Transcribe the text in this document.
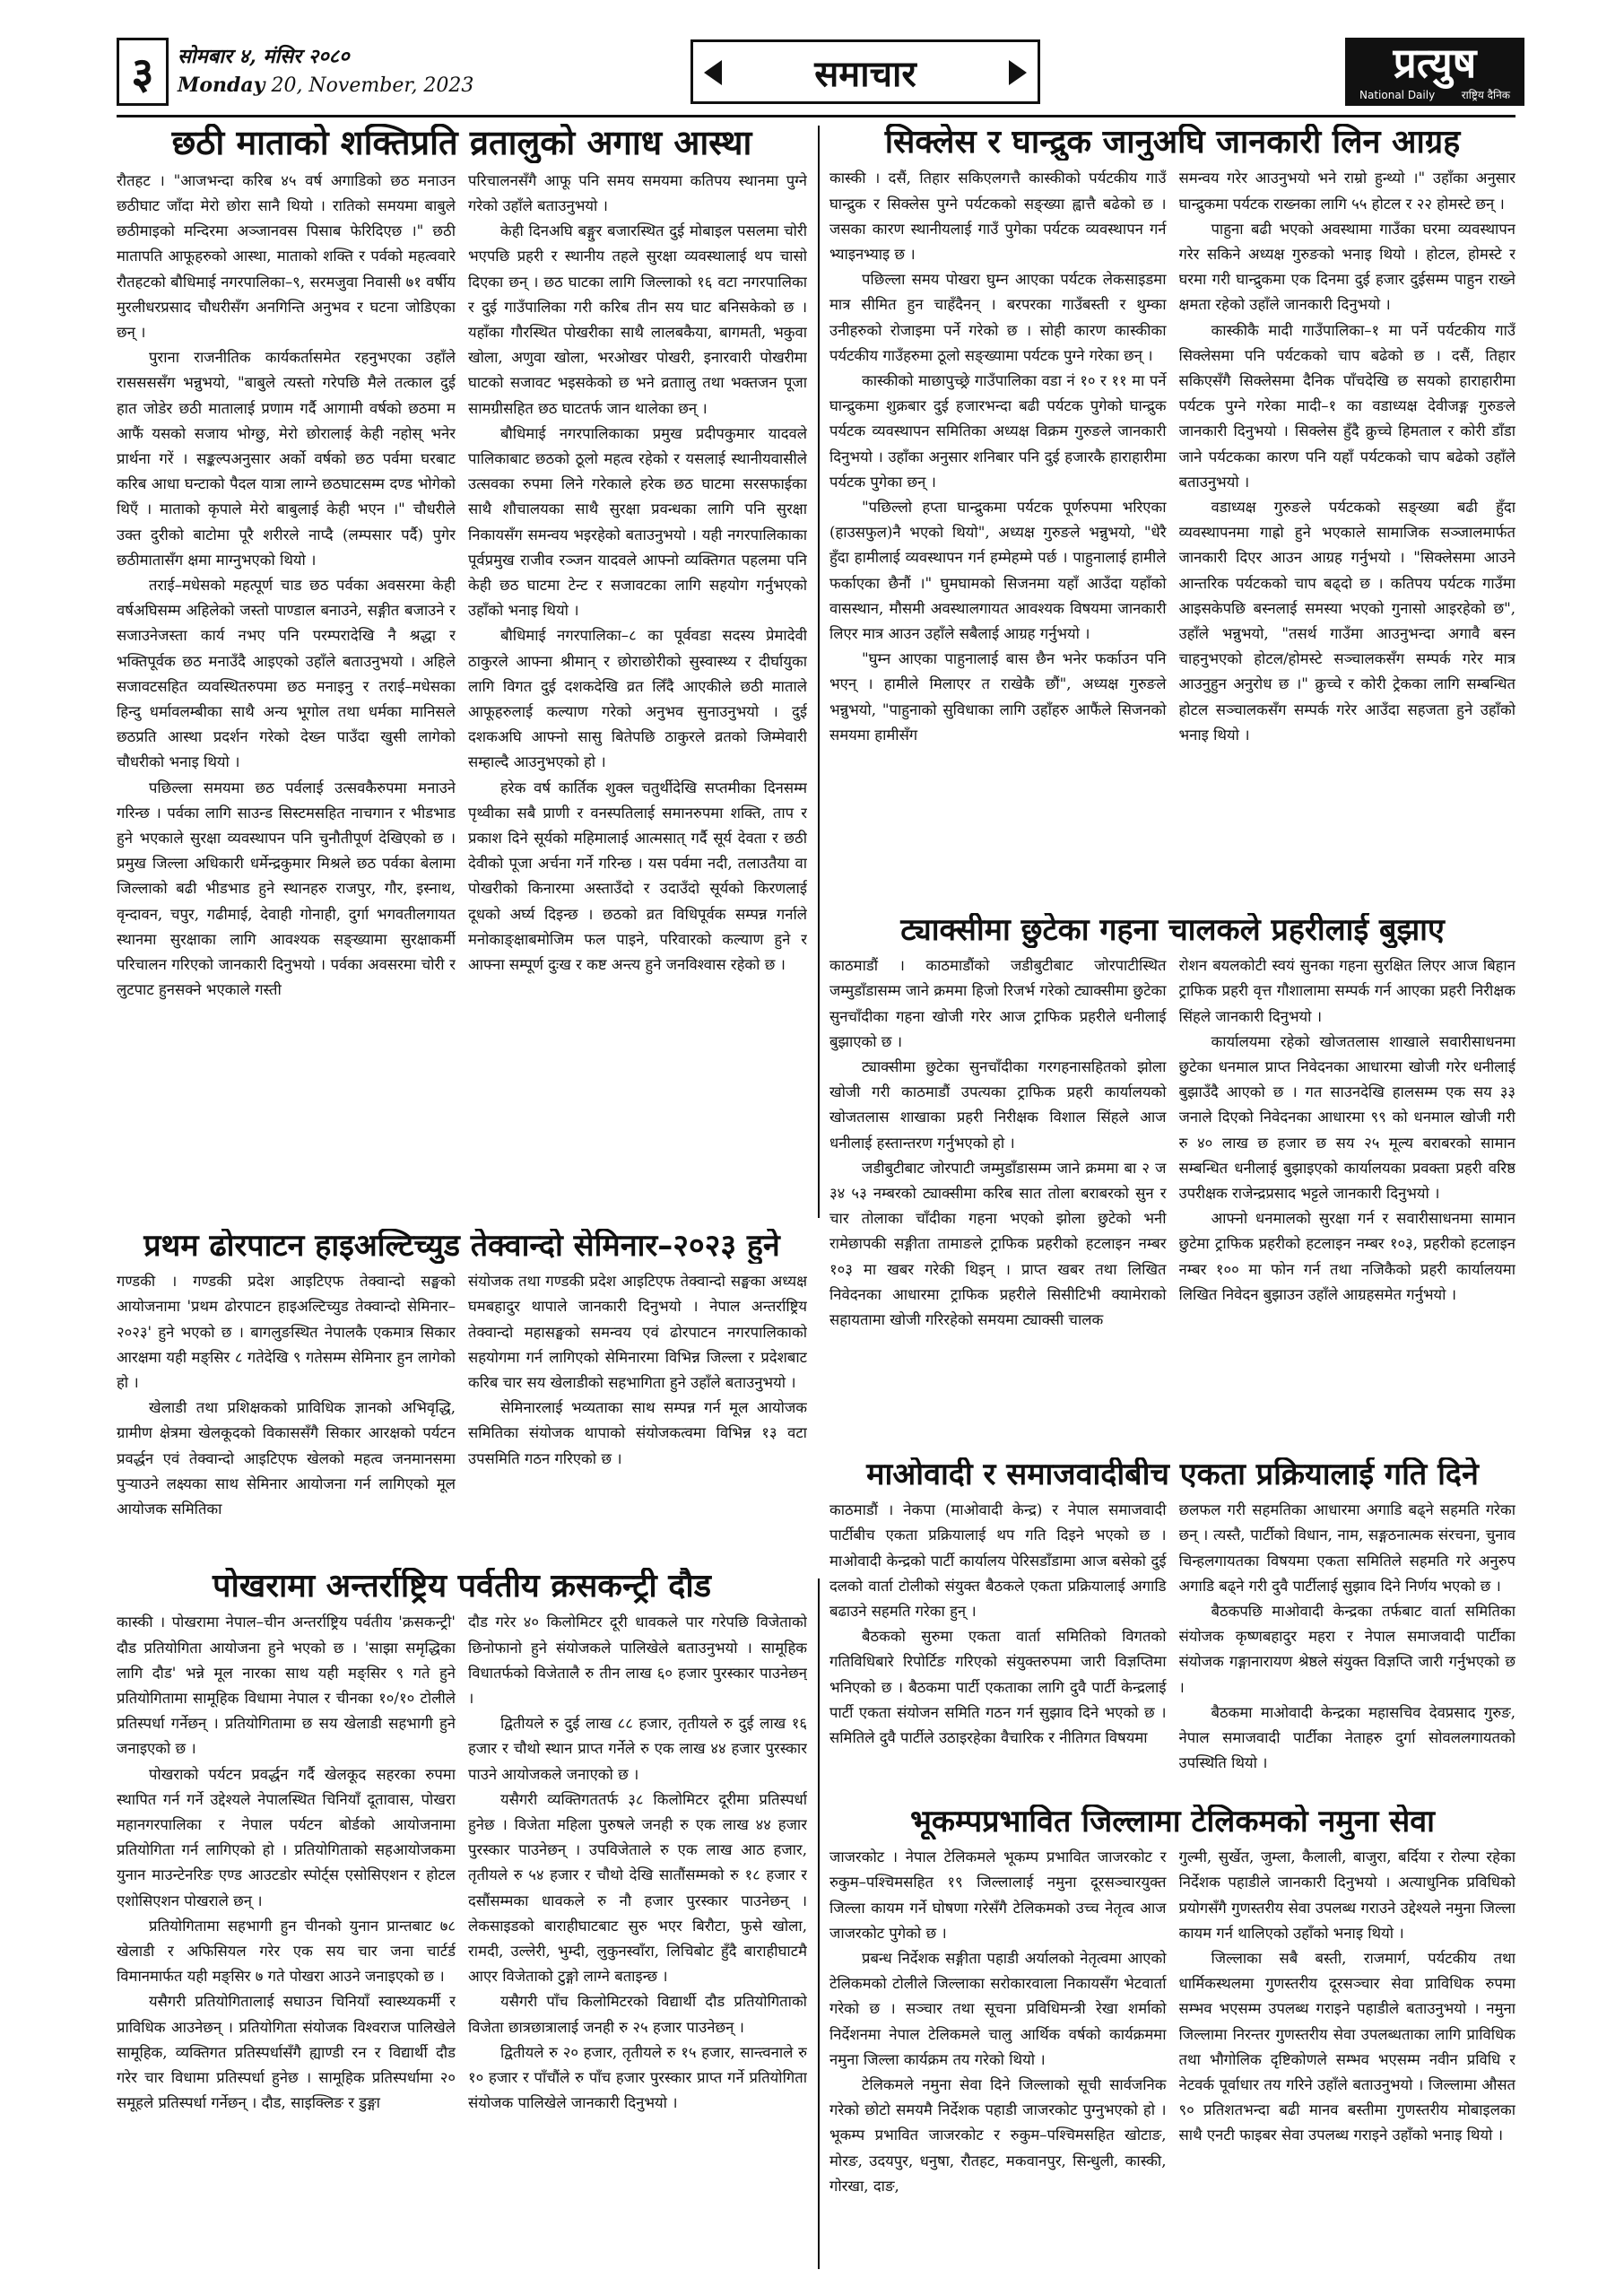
३	सोमबार ४, मंसिर २०८०
Monday 20, November, 2023	समाचार	प्रत्युष
National Daily राष्ट्रिय दैनिक
छठी माताको शक्तिप्रति व्रतालुको अगाध आस्था

रौतहट । "आजभन्दा करिब ४५ वर्ष अगाडिको छठ मनाउन छठीघाट जाँदा मेरो छोरा सानै थियो । रातिको समयमा बाबुले छठीमाइको मन्दिरमा अञ्जानवस पिसाब फेरिदिएछ ।" छठी मातापति आफूहरुको आस्था, माताको शक्ति र पर्वको महत्ववारे रौतहटको बौधिमाई नगरपालिका–९, सरमजुवा निवासी ७१ वर्षीय मुरलीधरप्रसाद चौधरीसँग अनगिन्ति अनुभव र घटना जोडिएका छन् ।

पुराना राजनीतिक कार्यकर्तासमेत रहनुभएका उहाँले राससससँग भन्नुभयो, "बाबुले त्यस्तो गरेपछि मैले तत्काल दुई हात जोडेर छठी मातालाई प्रणाम गर्दै आगामी वर्षको छठमा म आफैं यसको सजाय भोग्छु, मेरो छोरालाई केही नहोस् भनेर प्रार्थना गरें । सङ्कल्पअनुसार अर्को वर्षको छठ पर्वमा घरबाट करिब आधा घन्टाको पैदल यात्रा लाग्ने छठघाटसम्म दण्ड भोगेको थिएँ । माताको कृपाले मेरो बाबुलाई केही भएन ।" चौधरीले उक्त दुरीको बाटोमा पूरै शरीरले नाप्दै (लम्पसार पर्दै) पुगेर छठीमातासँग क्षमा माग्नुभएको थियो ।

तराई–मधेसको महत्पूर्ण चाड छठ पर्वका अवसरमा केही वर्षअघिसम्म अहिलेको जस्तो पाण्डाल बनाउने, सङ्गीत बजाउने र सजाउनेजस्ता कार्य नभए पनि परम्परादेखि नै श्रद्धा र भक्तिपूर्वक छठ मनाउँदै आइएको उहाँले बताउनुभयो । अहिले सजावटसहित व्यवस्थितरुपमा छठ मनाइनु र तराई–मधेसका हिन्दु धर्मावलम्बीका साथै अन्य भूगोल तथा धर्मका मानिसले छठप्रति आस्था प्रदर्शन गरेको देख्न पाउँदा खुसी लागेको चौधरीको भनाइ थियो ।

पछिल्ला समयमा छठ पर्वलाई उत्सवकैरुपमा मनाउने गरिन्छ । पर्वका लागि साउन्ड सिस्टमसहित नाचगान र भीडभाड हुने भएकाले सुरक्षा व्यवस्थापन पनि चुनौतीपूर्ण देखिएको छ । प्रमुख जिल्ला अधिकारी धर्मेन्द्रकुमार मिश्रले छठ पर्वका बेलामा जिल्लाको बढी भीडभाड हुने स्थानहरु राजपुर, गौर, इस्नाथ, वृन्दावन, चपुर, गढीमाई, देवाही गोनाही, दुर्गा भगवतीलगायत स्थानमा सुरक्षाका लागि आवश्यक सङ्ख्यामा सुरक्षाकर्मी परिचालन गरिएको जानकारी दिनुभयो । पर्वका अवसरमा चोरी र लुटपाट हुनसक्ने भएकाले गस्ती

परिचालनसँगै आफू पनि समय समयमा कतिपय स्थानमा पुग्ने गरेको उहाँले बताउनुभयो ।

केही दिनअघि बङ्गुर बजारस्थित दुई मोबाइल पसलमा चोरी भएपछि प्रहरी र स्थानीय तहले सुरक्षा व्यवस्थालाई थप चासो दिएका छन् । छठ घाटका लागि जिल्लाको १६ वटा नगरपालिका र दुई गाउँपालिका गरी करिब तीन सय घाट बनिसकेको छ । यहाँका गौरस्थित पोखरीका साथै लालबकैया, बागमती, भकुवा खोला, अणुवा खोला, भरओखर पोखरी, इनारवारी पोखरीमा घाटको सजावट भइसकेको छ भने व्रताालु तथा भक्तजन पूजा सामग्रीसहित छठ घाटतर्फ जान थालेका छन् ।

बौधिमाई नगरपालिकाका प्रमुख प्रदीपकुमार यादवले पालिकाबाट छठको ठूलो महत्व रहेको र यसलाई स्थानीयवासीले उत्सवका रुपमा लिने गरेकाले हरेक छठ घाटमा सरसफाईका साथै शौचालयका साथै सुरक्षा प्रवन्धका लागि पनि सुरक्षा निकायसँग समन्वय भइरहेको बताउनुभयो । यही नगरपालिकाका पूर्वप्रमुख राजीव रञ्जन यादवले आफ्नो व्यक्तिगत पहलमा पनि केही छठ घाटमा टेन्ट र सजावटका लागि सहयोग गर्नुभएको उहाँको भनाइ थियो ।

बौधिमाई नगरपालिका–८ का पूर्ववडा सदस्य प्रेमादेवी ठाकुरले आफ्ना श्रीमान् र छोराछोरीको सुस्वास्थ्य र दीर्घायुका लागि विगत दुई दशकदेखि व्रत लिँदै आएकीले छठी माताले आफूहरुलाई कल्याण गरेको अनुभव सुनाउनुभयो । दुई दशकअघि आफ्नो सासु बितेपछि ठाकुरले व्रतको जिम्मेवारी सम्हाल्दै आउनुभएको हो ।

हरेक वर्ष कार्तिक शुक्ल चतुर्थीदेखि सप्तमीका दिनसम्म पृथ्वीका सबै प्राणी र वनस्पतिलाई समानरुपमा शक्ति, ताप र प्रकाश दिने सूर्यको महिमालाई आत्मसात् गर्दै सूर्य देवता र छठी देवीको पूजा अर्चना गर्ने गरिन्छ । यस पर्वमा नदी, तलाउतैया वा पोखरीको किनारमा अस्ताउँदो र उदाउँदो सूर्यको किरणलाई दूधको अर्घ्य दिइन्छ । छठको व्रत विधिपूर्वक सम्पन्न गर्नाले मनोकाङ्क्षाबमोजिम फल पाइने, परिवारको कल्याण हुने र आफ्ना सम्पूर्ण दुःख र कष्ट अन्त्य हुने जनविश्वास रहेको छ ।

सिक्लेस र घान्द्रुक जानुअघि जानकारी लिन आग्रह

कास्की । दसैं, तिहार सकिएलगत्तै कास्कीको पर्यटकीय गाउँ घान्द्रुक र सिक्लेस पुग्ने पर्यटकको सङ्ख्या ह्वात्तै बढेको छ । जसका कारण स्थानीयलाई गाउँ पुगेका पर्यटक व्यवस्थापन गर्न भ्याइनभ्याइ छ ।

पछिल्ला समय पोखरा घुम्न आएका पर्यटक लेकसाइडमा मात्र सीमित हुन चाहँदैनन् । बरपरका गाउँबस्ती र थुम्का उनीहरुको रोजाइमा पर्ने गरेको छ । सोही कारण कास्कीका पर्यटकीय गाउँहरुमा ठूलो सङ्ख्यामा पर्यटक पुग्ने गरेका छन् ।

कास्कीको माछापुच्छ्रे गाउँपालिका वडा नं १० र ११ मा पर्ने घान्द्रुकमा शुक्रबार दुई हजारभन्दा बढी पर्यटक पुगेको घान्द्रुक पर्यटक व्यवस्थापन समितिका अध्यक्ष विक्रम गुरुङले जानकारी दिनुभयो । उहाँका अनुसार शनिबार पनि दुई हजारकै हाराहारीमा पर्यटक पुगेका छन् ।

"पछिल्लो हप्ता घान्द्रुकमा पर्यटक पूर्णरुपमा भरिएका (हाउसफुल)नै भएको थियो", अध्यक्ष गुरुङले भन्नुभयो, "धेरै हुँदा हामीलाई व्यवस्थापन गर्न हम्मेहम्मे पर्छ । पाहुनालाई हामीले फर्काएका छैनौं ।" घुमघामको सिजनमा यहाँ आउँदा यहाँको वासस्थान, मौसमी अवस्थालगायत आवश्यक विषयमा जानकारी लिएर मात्र आउन उहाँले सबैलाई आग्रह गर्नुभयो ।

"घुम्न आएका पाहुनालाई बास छैन भनेर फर्काउन पनि भएन् । हामीले मिलाएर त राखेकै छौं", अध्यक्ष गुरुङले भन्नुभयो, "पाहुनाको सुविधाका लागि उहाँहरु आफैंले सिजनको समयमा हामीसँग

समन्वय गरेर आउनुभयो भने राम्रो हुन्थ्यो ।" उहाँका अनुसार घान्द्रुकमा पर्यटक राख्नका लागि ५५ होटल र २२ होमस्टे छन् ।

पाहुना बढी भएको अवस्थामा गाउँका घरमा व्यवस्थापन गरेर सकिने अध्यक्ष गुरुङको भनाइ थियो । होटल, होमस्टे र घरमा गरी घान्द्रुकमा एक दिनमा दुई हजार दुईसम्म पाहुन राख्ने क्षमता रहेको उहाँले जानकारी दिनुभयो ।

कास्कीकै मादी गाउँपालिका–१ मा पर्ने पर्यटकीय गाउँ सिक्लेसमा पनि पर्यटकको चाप बढेको छ । दसैं, तिहार सकिएसँगै सिक्लेसमा दैनिक पाँचदेखि छ सयको हाराहारीमा पर्यटक पुग्ने गरेका मादी–१ का वडाध्यक्ष देवीजङ्ग गुरुङले जानकारी दिनुभयो । सिक्लेस हुँदै क्रुच्चे हिमताल र कोरी डाँडा जाने पर्यटकका कारण पनि यहाँ पर्यटकको चाप बढेको उहाँले बताउनुभयो ।

वडाध्यक्ष गुरुङले पर्यटकको सङ्ख्या बढी हुँदा व्यवस्थापनमा गाह्रो हुने भएकाले सामाजिक सञ्जालमार्फत जानकारी दिएर आउन आग्रह गर्नुभयो । "सिक्लेसमा आउने आन्तरिक पर्यटकको चाप बढ्दो छ । कतिपय पर्यटक गाउँमा आइसकेपछि बस्नलाई समस्या भएको गुनासो आइरहेको छ", उहाँले भन्नुभयो, "तसर्थ गाउँमा आउनुभन्दा अगावै बस्न चाहनुभएको होटल/होमस्टे सञ्चालकसँग सम्पर्क गरेर मात्र आउनुहुन अनुरोध छ ।" क्रुच्चे र कोरी ट्रेकका लागि सम्बन्धित होटल सञ्चालकसँग सम्पर्क गरेर आउँदा सहजता हुने उहाँको भनाइ थियो ।

ट्याक्सीमा छुटेका गहना चालकले प्रहरीलाई बुझाए

काठमाडौं । काठमाडौंको जडीबुटीबाट जोरपाटीस्थित जम्मुडाँडासम्म जाने क्रममा हिजो रिजर्भ गरेको ट्याक्सीमा छुटेका सुनचाँदीका गहना खोजी गरेर आज ट्राफिक प्रहरीले धनीलाई बुझाएको छ ।

ट्याक्सीमा छुटेका सुनचाँदीका गरगहनासहितको झोला खोजी गरी काठमाडौं उपत्यका ट्राफिक प्रहरी कार्यालयको खोजतलास शाखाका प्रहरी निरीक्षक विशाल सिंहले आज धनीलाई हस्तान्तरण गर्नुभएको हो ।

जडीबुटीबाट जोरपाटी जम्मुडाँडासम्म जाने क्रममा बा २ ज ३४ ५३ नम्बरको ट्याक्सीमा करिब सात तोला बराबरको सुन र चार तोलाका चाँदीका गहना भएको झोला छुटेको भनी रामेछापकी सङ्गीता तामाङले ट्राफिक प्रहरीको हटलाइन नम्बर १०३ मा खबर गरेकी थिइन् । प्राप्त खबर तथा लिखित निवेदनका आधारमा ट्राफिक प्रहरीले सिसीटिभी क्यामेराको सहायतामा खोजी गरिरहेको समयमा ट्याक्सी चालक

रोशन बयलकोटी स्वयं सुनका गहना सुरक्षित लिएर आज बिहान ट्राफिक प्रहरी वृत्त गौशालामा सम्पर्क गर्न आएका प्रहरी निरीक्षक सिंहले जानकारी दिनुभयो ।

कार्यालयमा रहेको खोजतलास शाखाले सवारीसाधनमा छुटेका धनमाल प्राप्त निवेदनका आधारमा खोजी गरेर धनीलाई बुझाउँदै आएको छ । गत साउनदेखि हालसम्म एक सय ३३ जनाले दिएको निवेदनका आधारमा ९९ को धनमाल खोजी गरी रु ४० लाख छ हजार छ सय २५ मूल्य बराबरको सामान सम्बन्धित धनीलाई बुझाइएको कार्यालयका प्रवक्ता प्रहरी वरिष्ठ उपरीक्षक राजेन्द्रप्रसाद भट्टले जानकारी दिनुभयो ।

आफ्नो धनमालको सुरक्षा गर्न र सवारीसाधनमा सामान छुटेमा ट्राफिक प्रहरीको हटलाइन नम्बर १०३, प्रहरीको हटलाइन नम्बर १०० मा फोन गर्न तथा नजिकैको प्रहरी कार्यालयमा लिखित निवेदन बुझाउन उहाँले आग्रहसमेत गर्नुभयो ।

प्रथम ढोरपाटन हाइअल्टिच्युड तेक्वान्दो सेमिनार–२०२३ हुने

गण्डकी । गण्डकी प्रदेश आइटिएफ तेक्वान्दो सङ्घको आयोजनामा 'प्रथम ढोरपाटन हाइअल्टिच्युड तेक्वान्दो सेमिनार–२०२३' हुने भएको छ । बागलुङस्थित नेपालकै एकमात्र सिकार आरक्षमा यही मङ्सिर ८ गतेदेखि ९ गतेसम्म सेमिनार हुन लागेको हो ।

खेलाडी तथा प्रशिक्षकको प्राविधिक ज्ञानको अभिवृद्धि, ग्रामीण क्षेत्रमा खेलकूदको विकाससँगै सिकार आरक्षको पर्यटन प्रवर्द्धन एवं तेक्वान्दो आइटिएफ खेलको महत्व जनमानसमा पुऱ्याउने लक्ष्यका साथ सेमिनार आयोजना गर्न लागिएको मूल आयोजक समितिका

संयोजक तथा गण्डकी प्रदेश आइटिएफ तेक्वान्दो सङ्घका अध्यक्ष घमबहादुर थापाले जानकारी दिनुभयो । नेपाल अन्तर्राष्ट्रिय तेक्वान्दो महासङ्घको समन्वय एवं ढोरपाटन नगरपालिकाको सहयोगमा गर्न लागिएको सेमिनारमा विभिन्न जिल्ला र प्रदेशबाट करिब चार सय खेलाडीको सहभागिता हुने उहाँले बताउनुभयो ।

सेमिनारलाई भव्यताका साथ सम्पन्न गर्न मूल आयोजक समितिका संयोजक थापाको संयोजकत्वमा विभिन्न १३ वटा उपसमिति गठन गरिएको छ ।	माओवादी र समाजवादीबीच एकता प्रक्रियालाई गति दिने

काठमाडौं । नेकपा (माओवादी केन्द्र) र नेपाल समाजवादी पार्टीबीच एकता प्रक्रियालाई थप गति दिइने भएको छ । माओवादी केन्द्रको पार्टी कार्यालय पेरिसडाँडामा आज बसेको दुई दलको वार्ता टोलीको संयुक्त बैठकले एकता प्रक्रियालाई अगाडि बढाउने सहमति गरेका हुन् ।

बैठकको सुरुमा एकता वार्ता समितिको विगतको गतिविधिबारे रिपोर्टिङ गरिएको संयुक्तरुपमा जारी विज्ञप्तिमा भनिएको छ । बैठकमा पार्टी एकताका लागि दुवै पार्टी केन्द्रलाई पार्टी एकता संयोजन समिति गठन गर्न सुझाव दिने भएको छ । समितिले दुवै पार्टीले उठाइरहेका वैचारिक र नीतिगत विषयमा

छलफल गरी सहमतिका आधारमा अगाडि बढ्ने सहमति गरेका छन् । त्यस्तै, पार्टीको विधान, नाम, सङ्गठनात्मक संरचना, चुनाव चिन्हलगायतका विषयमा एकता समितिले सहमति गरे अनुरुप अगाडि बढ्ने गरी दुवै पार्टीलाई सुझाव दिने निर्णय भएको छ ।

बैठकपछि माओवादी केन्द्रका तर्फबाट वार्ता समितिका संयोजक कृष्णबहादुर महरा र नेपाल समाजवादी पार्टीका संयोजक गङ्गानारायण श्रेष्ठले संयुक्त विज्ञप्ति जारी गर्नुभएको छ ।

बैठकमा माओवादी केन्द्रका महासचिव देवप्रसाद गुरुङ, नेपाल समाजवादी पार्टीका नेताहरु दुर्गा सोवललगायतको उपस्थिति थियो ।

पोखरामा अन्तर्राष्ट्रिय पर्वतीय क्रसकन्ट्री दौड

कास्की । पोखरामा नेपाल–चीन अन्तर्राष्ट्रिय पर्वतीय 'क्रसकन्ट्री' दौड प्रतियोगिता आयोजना हुने भएको छ । 'साझा समृद्धिका लागि दौड' भन्ने मूल नारका साथ यही मङ्सिर ९ गते हुने प्रतियोगितामा सामूहिक विधामा नेपाल र चीनका १०/१० टोलीले प्रतिस्पर्धा गर्नेछन् । प्रतियोगितामा छ सय खेलाडी सहभागी हुने जनाइएको छ ।

पोखराको पर्यटन प्रवर्द्धन गर्दै खेलकूद सहरका रुपमा स्थापित गर्न गर्ने उद्देश्यले नेपालस्थित चिनियाँ दूतावास, पोखरा महानगरपालिका र नेपाल पर्यटन बोर्डको आयोजनामा प्रतियोगिता गर्न लागिएको हो । प्रतियोगिताको सहआयोजकमा युनान माउन्टेनरिङ एण्ड आउटडोर स्पोर्ट्स एसोसिएशन र होटल एशोसिएशन पोखराले छन् ।

प्रतियोगितामा सहभागी हुन चीनको युनान प्रान्तबाट ७८ खेलाडी र अफिसियल गरेर एक सय चार जना चार्टर्ड विमानमार्फत यही मङ्सिर ७ गते पोखरा आउने जनाइएको छ ।

यसैगरी प्रतियोगितालाई सघाउन चिनियाँ स्वास्थ्यकर्मी र प्राविधिक आउनेछन् । प्रतियोगिता संयोजक विश्वराज पालिखेले सामूहिक, व्यक्तिगत प्रतिस्पर्धासँगै ह्याण्डी रन र विद्यार्थी दौड गरेर चार विधामा प्रतिस्पर्धा हुनेछ । सामूहिक प्रतिस्पर्धामा २० समूहले प्रतिस्पर्धा गर्नेछन् । दौड, साइक्लिङ र डुङ्गा

दौड गरेर ४० किलोमिटर दूरी धावकले पार गरेपछि विजेताको छिनोफानो हुने संयोजकले पालिखेले बताउनुभयो । सामूहिक विधातर्फको विजेतालै रु तीन लाख ६० हजार पुरस्कार पाउनेछन् ।

द्वितीयले रु दुई लाख ८८ हजार, तृतीयले रु दुई लाख १६ हजार र चौथो स्थान प्राप्त गर्नेले रु एक लाख ४४ हजार पुरस्कार पाउने आयोजकले जनाएको छ ।

यसैगरी व्यक्तिगततर्फ ३८ किलोमिटर दूरीमा प्रतिस्पर्धा हुनेछ । विजेता महिला पुरुषले जनही रु एक लाख ४४ हजार पुरस्कार पाउनेछन् । उपविजेताले रु एक लाख आठ हजार, तृतीयले रु ५४ हजार र चौथो देखि सातौंसम्मको रु १८ हजार र दसौंसम्मका धावकले रु नौ हजार पुरस्कार पाउनेछन् । लेकसाइडको बाराहीघाटबाट सुरु भएर बिरौटा, फुसे खोला, रामदी, उल्लेरी, भुम्दी, लुकुनस्वाँरा, लिचिबोट हुँदै बाराहीघाटमै आएर विजेताको टुङ्गो लाग्ने बताइन्छ ।

यसैगरी पाँच किलोमिटरको विद्यार्थी दौड प्रतियोगिताको विजेता छात्रछात्रालाई जनही रु २५ हजार पाउनेछन् ।

द्वितीयले रु २० हजार, तृतीयले रु १५ हजार, सान्त्वनाले रु १० हजार र पाँचौंले रु पाँच हजार पुरस्कार प्राप्त गर्ने प्रतियोगिता संयोजक पालिखेले जानकारी दिनुभयो ।

भूकम्पप्रभावित जिल्लामा टेलिकमको नमुना सेवा

जाजरकोट । नेपाल टेलिकमले भूकम्प प्रभावित जाजरकोट र रुकुम–पश्चिमसहित १९ जिल्लालाई नमुना दूरसञ्चारयुक्त जिल्ला कायम गर्ने घोषणा गरेसँगै टेलिकमको उच्च नेतृत्व आज जाजरकोट पुगेको छ ।

प्रबन्ध निर्देशक सङ्गीता पहाडी अर्यालको नेतृत्वमा आएको टेलिकमको टोलीले जिल्लाका सरोकारवाला निकायसँग भेटवार्ता गरेको छ । सञ्चार तथा सूचना प्रविधिमन्त्री रेखा शर्माको निर्देशनमा नेपाल टेलिकमले चालु आर्थिक वर्षको कार्यक्रममा नमुना जिल्ला कार्यक्रम तय गरेको थियो ।

टेलिकमले नमुना सेवा दिने जिल्लाको सूची सार्वजनिक गरेको छोटो समयमै निर्देशक पहाडी जाजरकोट पुग्नुभएको हो । भूकम्प प्रभावित जाजरकोट र रुकुम–पश्चिमसहित खोटाङ, मोरङ, उदयपुर, धनुषा, रौतहट, मकवानपुर, सिन्धुली, कास्की, गोरखा, दाङ,

गुल्मी, सुर्खेत, जुम्ला, कैलाली, बाजुरा, बर्दिया र रोल्पा रहेका निर्देशक पहाडीले जानकारी दिनुभयो । अत्याधुनिक प्रविधिको प्रयोगसँगै गुणस्तरीय सेवा उपलब्ध गराउने उद्देश्यले नमुना जिल्ला कायम गर्न थालिएको उहाँको भनाइ थियो ।

जिल्लाका सबै बस्ती, राजमार्ग, पर्यटकीय तथा धार्मिकस्थलमा गुणस्तरीय दूरसञ्चार सेवा प्राविधिक रुपमा सम्भव भएसम्म उपलब्ध गराइने पहाडीले बताउनुभयो । नमुना जिल्लामा निरन्तर गुणस्तरीय सेवा उपलब्धताका लागि प्राविधिक तथा भौगोलिक दृष्टिकोणले सम्भव भएसम्म नवीन प्रविधि र नेटवर्क पूर्वाधार तय गरिने उहाँले बताउनुभयो । जिल्लामा औसत ९० प्रतिशतभन्दा बढी मानव बस्तीमा गुणस्तरीय मोबाइलका साथै एनटी फाइबर सेवा उपलब्ध गराइने उहाँको भनाइ थियो ।
